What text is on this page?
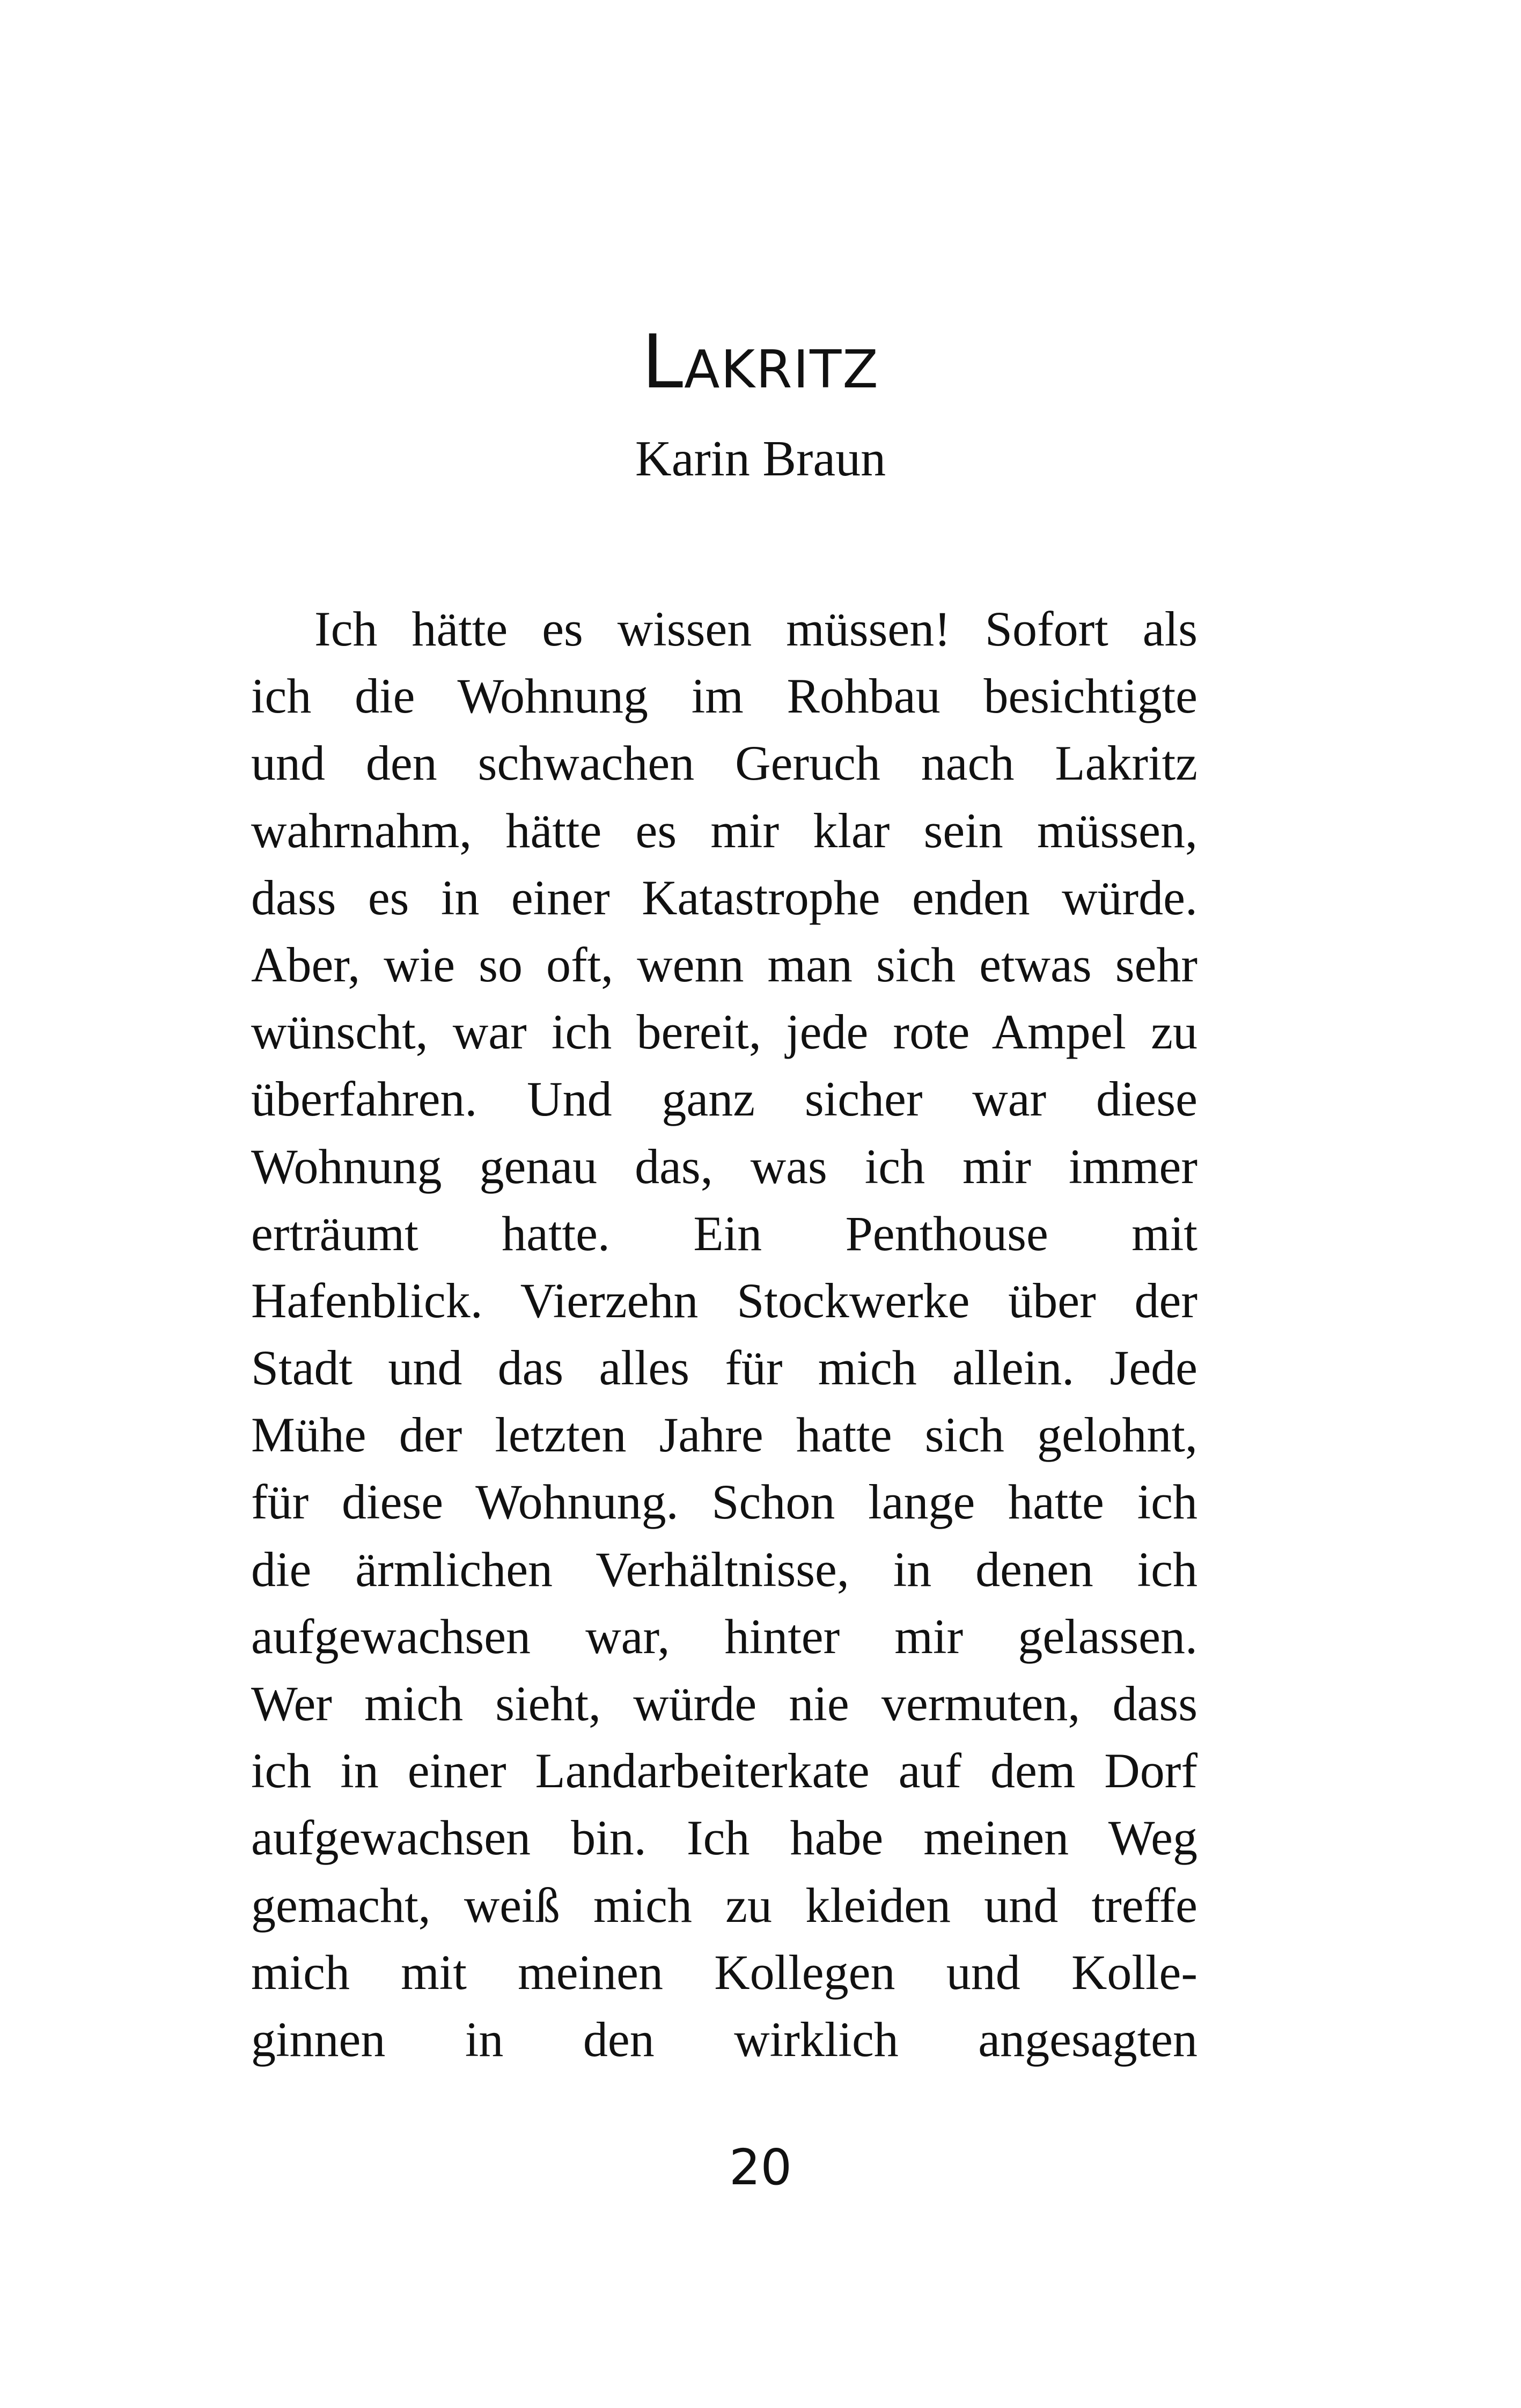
Lakritz

Karin Braun

Ich hätte es wissen müssen! Sofort als
ich die Wohnung im Rohbau besichtigte
und den schwachen Geruch nach Lakritz
wahrnahm, hätte es mir klar sein müssen,
dass es in einer Katastrophe enden würde.
Aber, wie so oft, wenn man sich etwas sehr
wünscht, war ich bereit, jede rote Ampel zu
überfahren. Und ganz sicher war diese
Wohnung genau das, was ich mir immer
erträumt hatte. Ein Penthouse mit
Hafenblick. Vierzehn Stockwerke über der
Stadt und das alles für mich allein. Jede
Mühe der letzten Jahre hatte sich gelohnt,
für diese Wohnung. Schon lange hatte ich
die ärmlichen Verhältnisse, in denen ich
aufgewachsen war, hinter mir gelassen.
Wer mich sieht, würde nie vermuten, dass
ich in einer Landarbeiterkate auf dem Dorf
aufgewachsen bin. Ich habe meinen Weg
gemacht, weiß mich zu kleiden und treffe
mich mit meinen Kollegen und Kolle-
ginnen in den wirklich angesagten
20
